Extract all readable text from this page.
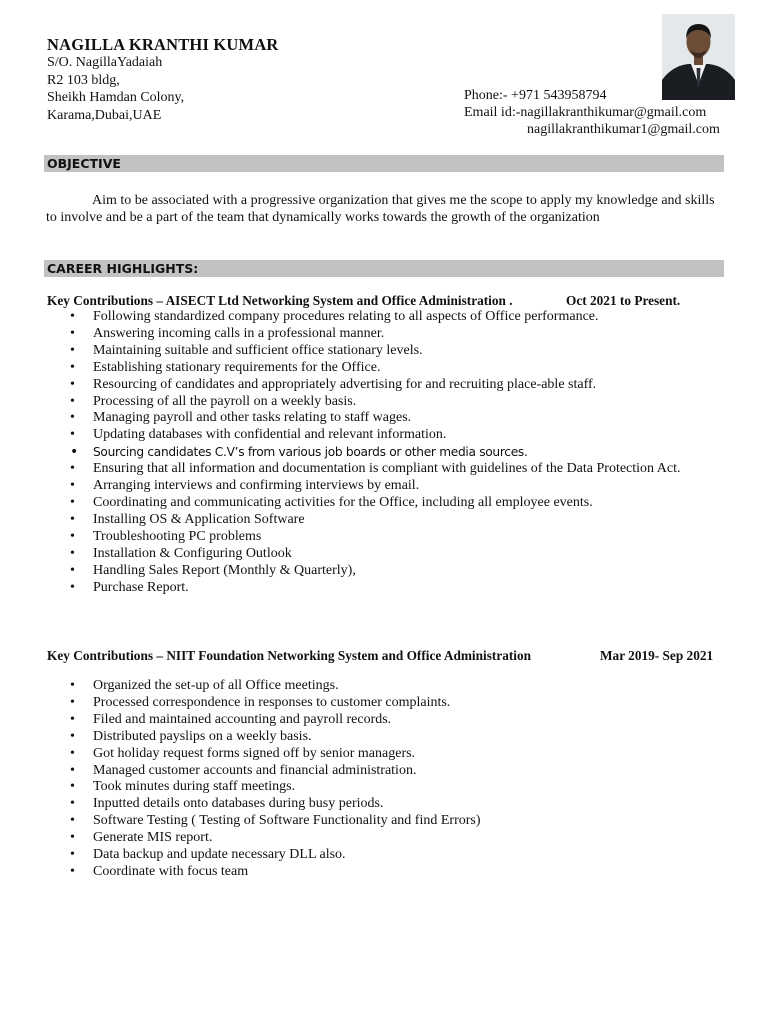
NAGILLA KRANTHI KUMAR
S/O. NagillaYadaiah
R2 103 bldg,
Sheikh Hamdan Colony,
Karama,Dubai,UAE
Phone:- +971 543958794
Email id:-nagillakranthikumar@gmail.com
nagillakranthikumar1@gmail.com
OBJECTIVE

Aim to be associated with a progressive organization that gives me the scope to apply my knowledge and skills to involve and be a part of the team that dynamically works towards the growth of the organization

CAREER HIGHLIGHTS:
Key Contributions – AISECT Ltd Networking System and Office Administration .	Oct 2021 to Present.
• Following standardized company procedures relating to all aspects of Office performance.
• Answering incoming calls in a professional manner.
• Maintaining suitable and sufficient office stationary levels.
• Establishing stationary requirements for the Office.
• Resourcing of candidates and appropriately advertising for and recruiting place-able staff.
• Processing of all the payroll on a weekly basis.
• Managing payroll and other tasks relating to staff wages.
• Updating databases with confidential and relevant information.
• Sourcing candidates C.V’s from various job boards or other media sources.
• Ensuring that all information and documentation is compliant with guidelines of the Data Protection Act.
• Arranging interviews and confirming interviews by email.
• Coordinating and communicating activities for the Office, including all employee events.
• Installing OS & Application Software
• Troubleshooting PC problems
• Installation & Configuring Outlook
• Handling Sales Report (Monthly & Quarterly),
• Purchase Report.
Key Contributions – NIIT Foundation Networking System and Office Administration	Mar 2019- Sep 2021
• Organized the set-up of all Office meetings.
• Processed correspondence in responses to customer complaints.
• Filed and maintained accounting and payroll records.
• Distributed payslips on a weekly basis.
• Got holiday request forms signed off by senior managers.
• Managed customer accounts and financial administration.
• Took minutes during staff meetings.
• Inputted details onto databases during busy periods.
• Software Testing ( Testing of Software Functionality and find Errors)
• Generate MIS report.
• Data backup and update necessary DLL also.
• Coordinate with focus team
